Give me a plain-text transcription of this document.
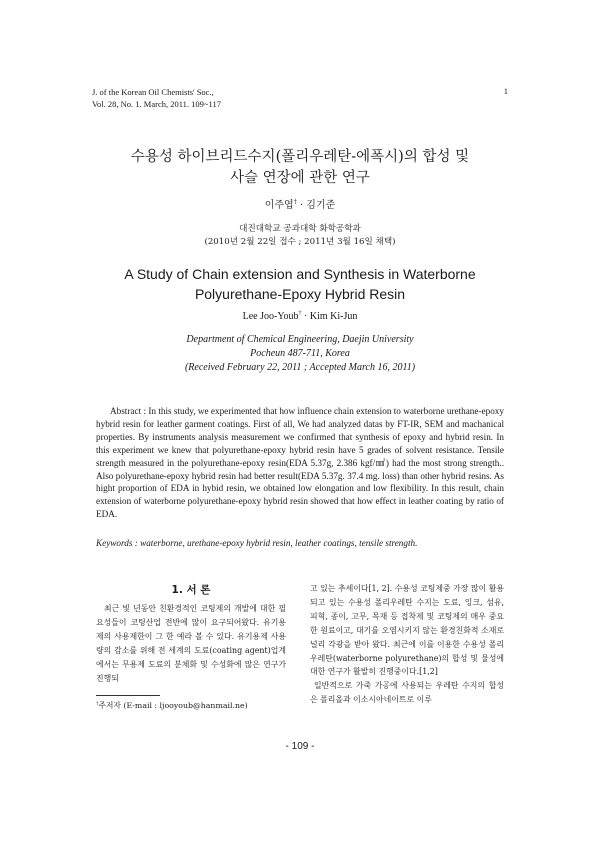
J. of the Korean Oil Chemists' Soc.,
Vol. 28, No. 1. March, 2011. 109~117
1
수용성 하이브리드수지(폴리우레탄-에폭시)의 합성 및
사슬 연장에 관한 연구
이주엽† · 김기준
대진대학교 공과대학 화학공학과
(2010년 2월 22일 접수 ; 2011년 3월 16일 채택)
A Study of Chain extension and Synthesis in Waterborne
Polyurethane-Epoxy Hybrid Resin
Lee Joo-Youb† · Kim Ki-Jun
Department of Chemical Engineering, Daejin University
Pocheun 487-711, Korea
(Received February 22, 2011 ; Accepted March 16, 2011)
Abstract : In this study, we experimented that how influence chain extension to waterborne urethane-epoxy hybrid resin for leather garment coatings. First of all, We had analyzed datas by FT-IR, SEM and machanical properties. By instruments analysis measurement we confirmed that synthesis of epoxy and hybrid resin. In this experiment we knew that polyurethane-epoxy hybrid resin have 5 grades of solvent resistance. Tensile strength measured in the polyurethane-epoxy resin(EDA 5.37g, 2.386 kgf/㎟) had the most strong strength.. Also polyurethane-epoxy hybrid resin had better result(EDA 5.37g. 37.4 mg. loss) than other hybrid resins. As hight proportion of EDA in hybid resin, we obtained low elongation and low flexibility. In this result, chain extension of waterborne polyurethane-epoxy hybrid resin showed that how effect in leather coating by ratio of EDA.
Keywords : waterborne, urethane-epoxy hybrid resin, leather coatings, tensile strength.
1. 서 론
최근 빛 년동안 친환경적인 코팅제의 개발에 대한 필요성들이 코팅산업 전반에 많이 요구되어왔다. 유기용제의 사용제한이 그 한 예라 볼 수 있다. 유기용제 사용량의 감소를 위해 전 세계의 도료(coating agent)업계에서는 무용제 도료의 분체화 및 수성화에 많은 연구가 진행되

고 있는 추세이다[1, 2]. 수용성 코팅제중 가장 많이 활용되고 있는 수용성 폴리우레탄 수지는 도료, 잉크, 섬유, 피혁, 종이, 고무, 목재 등 접착제 및 코팅제의 매우 중요한 원료이고, 대기를 오염시키지 않는 환경친화적 소재로 널리 각광을 받아 왔다. 최근에 이를 이용한 수용성 폴리우레탄(waterborne polyurethane)의 합성 및 물성에 대한 연구가 활발히 진행중이다.[1,2]

일반적으로 가죽 가공에 사용되는 우레탄 수지의 합성은 폴리올과 이소시아네이트로 이루

†주저자 (E-mail : ljooyoub@hanmail.ne)
- 109 -
